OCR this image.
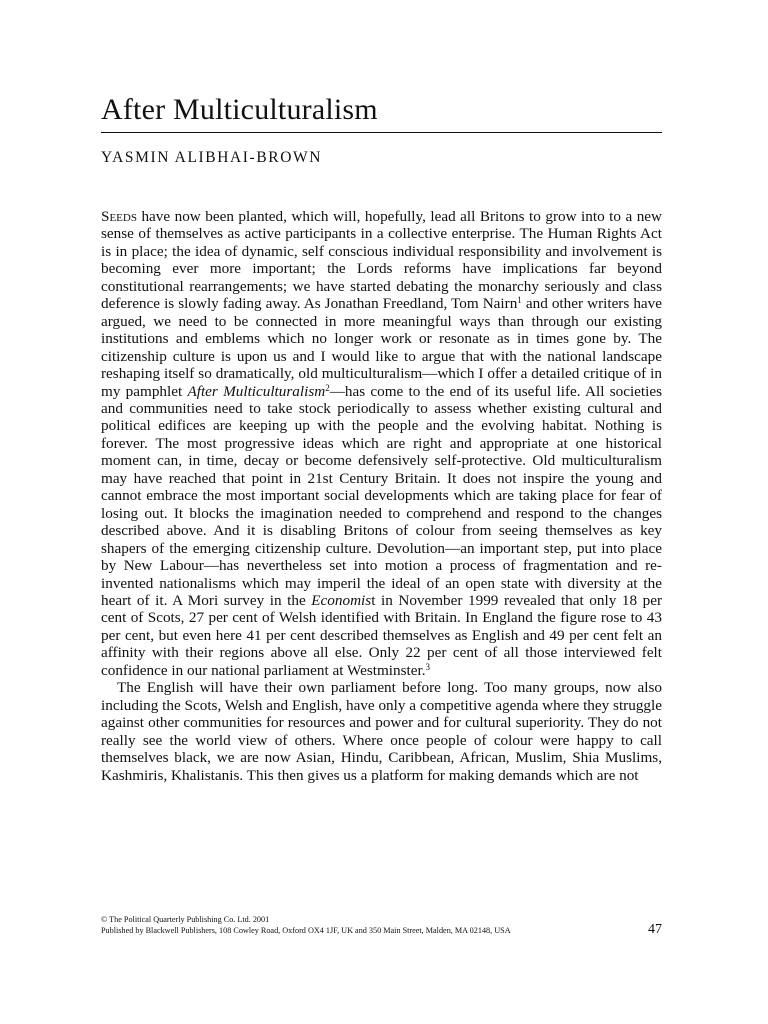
After Multiculturalism
YASMIN ALIBHAI-BROWN

Seeds have now been planted, which will, hopefully, lead all Britons to grow into to a new sense of themselves as active participants in a collective enterprise. The Human Rights Act is in place; the idea of dynamic, self conscious individual responsibility and involvement is becoming ever more important; the Lords reforms have implications far beyond constitutional rearrangements; we have started debating the monarchy seriously and class deference is slowly fading away. As Jonathan Freedland, Tom Nairn$^1$ and other writers have argued, we need to be connected in more meaningful ways than through our existing institutions and emblems which no longer work or resonate as in times gone by. The citizenship culture is upon us and I would like to argue that with the national landscape reshaping itself so dramatically, old multiculturalism—which I offer a detailed critique of in my pamphlet After Multiculturalism$^2$—has come to the end of its useful life. All societies and communities need to take stock periodically to assess whether existing cultural and political edifices are keeping up with the people and the evolving habitat. Nothing is forever. The most progressive ideas which are right and appropriate at one historical moment can, in time, decay or become defensively self-protective. Old multiculturalism may have reached that point in 21st Century Britain. It does not inspire the young and cannot embrace the most important social developments which are taking place for fear of losing out. It blocks the imagination needed to comprehend and respond to the changes described above. And it is disabling Britons of colour from seeing themselves as key shapers of the emerging citizenship culture. Devolution—an important step, put into place by New Labour—has nevertheless set into motion a process of fragmentation and re-invented nationalisms which may imperil the ideal of an open state with diversity at the heart of it. A Mori survey in the Economist in November 1999 revealed that only 18 per cent of Scots, 27 per cent of Welsh identified with Britain. In England the figure rose to 43 per cent, but even here 41 per cent described themselves as English and 49 per cent felt an affinity with their regions above all else. Only 22 per cent of all those interviewed felt confidence in our national parliament at Westminster.$^3$

The English will have their own parliament before long. Too many groups, now also including the Scots, Welsh and English, have only a competitive agenda where they struggle against other communities for resources and power and for cultural superiority. They do not really see the world view of others. Where once people of colour were happy to call themselves black, we are now Asian, Hindu, Caribbean, African, Muslim, Shia Muslims, Kashmiris, Khalistanis. This then gives us a platform for making demands which are not

© The Political Quarterly Publishing Co. Ltd. 2001
Published by Blackwell Publishers, 108 Cowley Road, Oxford OX4 1JF, UK and 350 Main Street, Malden, MA 02148, USA	47
